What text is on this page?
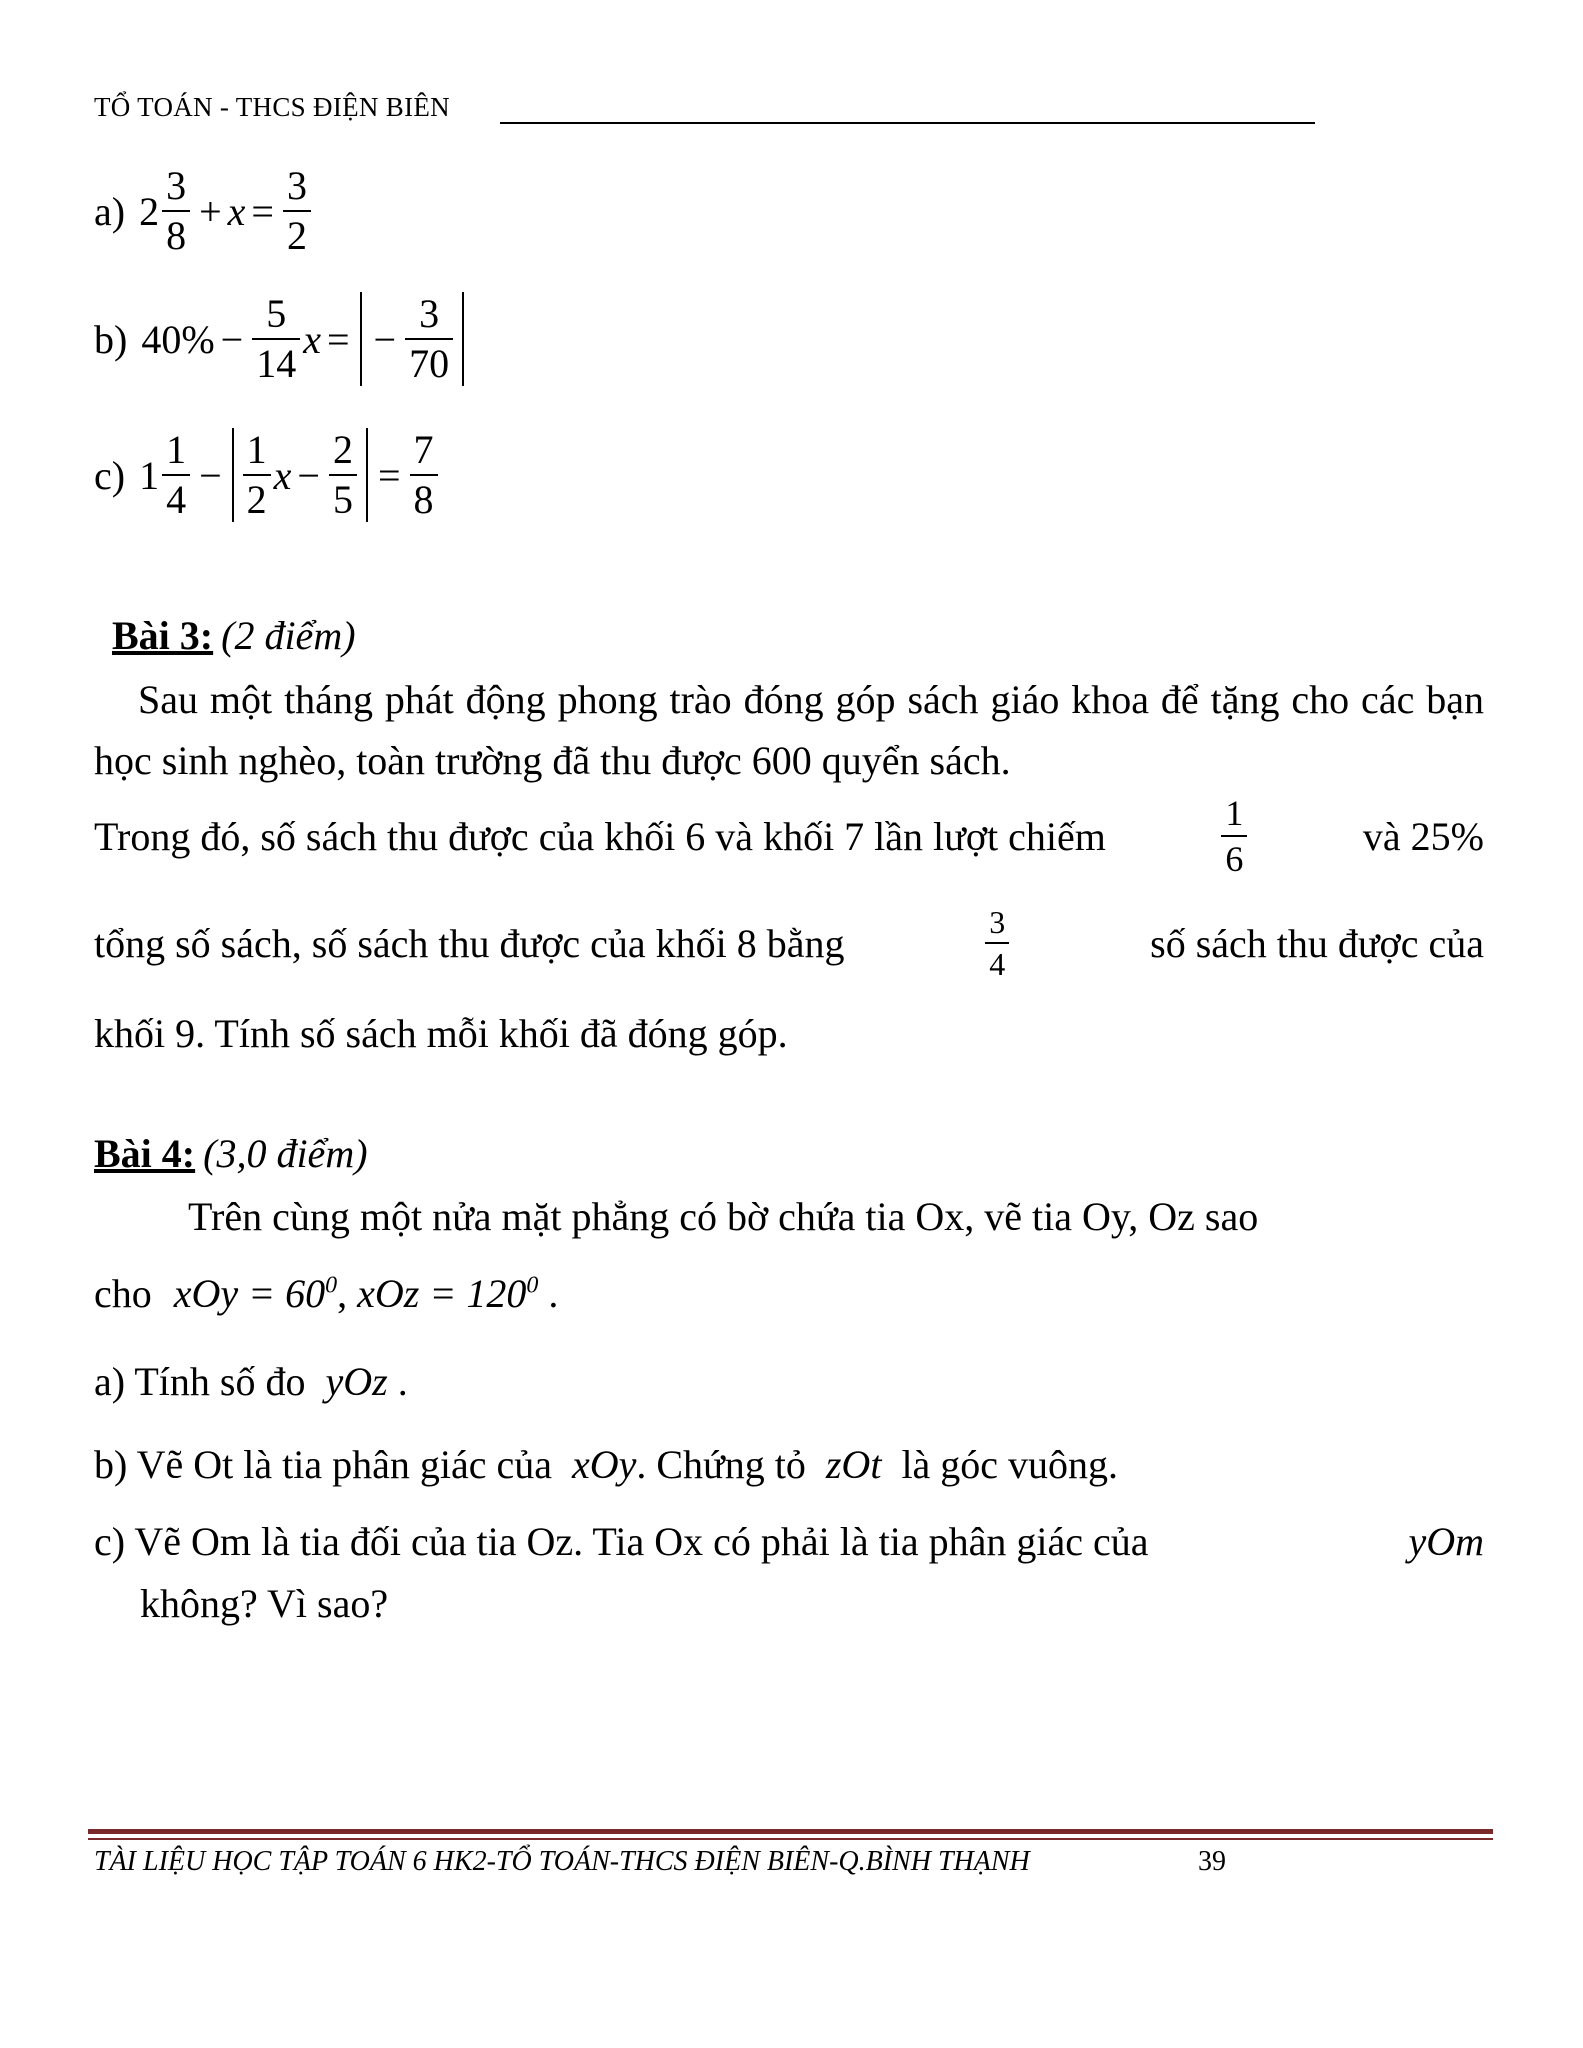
TỔ TOÁN - THCS ĐIỆN BIÊN
a) $2 \frac{3}{8} + x = \frac{3}{2}$
b) $40\% - \frac{5}{14}$ x = − $\frac{3}{70}$
c) $1 \frac{1}{4} - \frac{1}{2}$ $x - \frac{2}{5} = \frac{7}{8}$
Bài 3: (2 điểm)
Sau một tháng phát động phong trào đóng góp sách giáo khoa để tặng cho các bạn học sinh nghèo, toàn trường đã thu được 600 quyển sách.
Trong đó, số sách thu được của khối 6 và khối 7 lần lượt chiếm	$\frac{1}{6}$	và 25%
tổng số sách, số sách thu được của khối 8 bằng	$\frac{3}{4}$	số sách thu được của
khối 9. Tính số sách mỗi khối đã đóng góp.
Bài 4: (3,0 điểm)
Trên cùng một nửa mặt phẳng có bờ chứa tia Ox, vẽ tia Oy, Oz sao
cho xOy = $60^0$, xOz = $120^0$ .
a) Tính số đo yOz .
b) Vẽ Ot là tia phân giác của xOy. Chứng tỏ zOt là góc vuông.
c) Vẽ Om là tia đối của tia Oz. Tia Ox có phải là tia phân giác của	yOm
không? Vì sao?
TÀI LIỆU HỌC TẬP TOÁN 6 HK2-TỔ TOÁN-THCS ĐIỆN BIÊN-Q.BÌNH THẠNH	39
